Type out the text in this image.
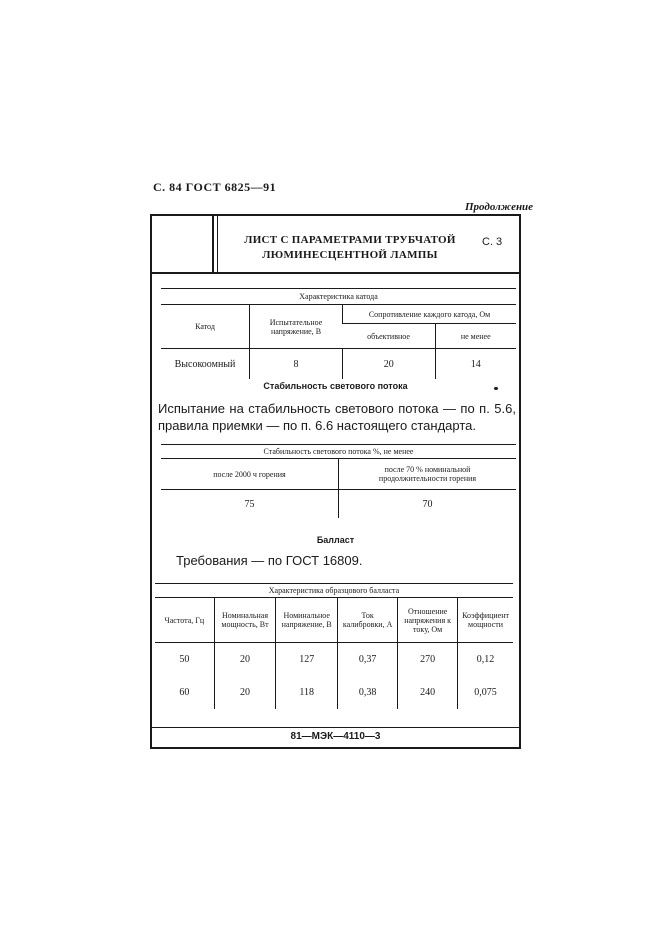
С. 84 ГОСТ 6825—91
Продолжение
ЛИСТ С ПАРАМЕТРАМИ ТРУБЧАТОЙ
ЛЮМИНЕСЦЕНТНОЙ ЛАМПЫ
С. 3
Характеристика катода			
Катод	Испытательное напряжение, В	Сопротивление каждого катода, Ом	
		объективное	не менее
Высокоомный	8	20	14
Стабильность светового потока
Испытание на стабильность светового потока — по п. 5.6, правила приемки — по п. 6.6 настоящего стандарта.
Стабильность светового потока %, не менее	
после 2000 ч горения	после 70 % номинальной продолжительности горения
75	70
Балласт
Требования — по ГОСТ 16809.
Характеристика образцового балласта					
Частота, Гц	Номинальная мощность, Вт	Номинальное напряжение, В	Ток калибровки, А	Отношение напряжения к току, Ом	Коэффициент мощности
50	20	127	0,37	270	0,12
60	20	118	0,38	240	0,075
81—МЭК—4110—3
